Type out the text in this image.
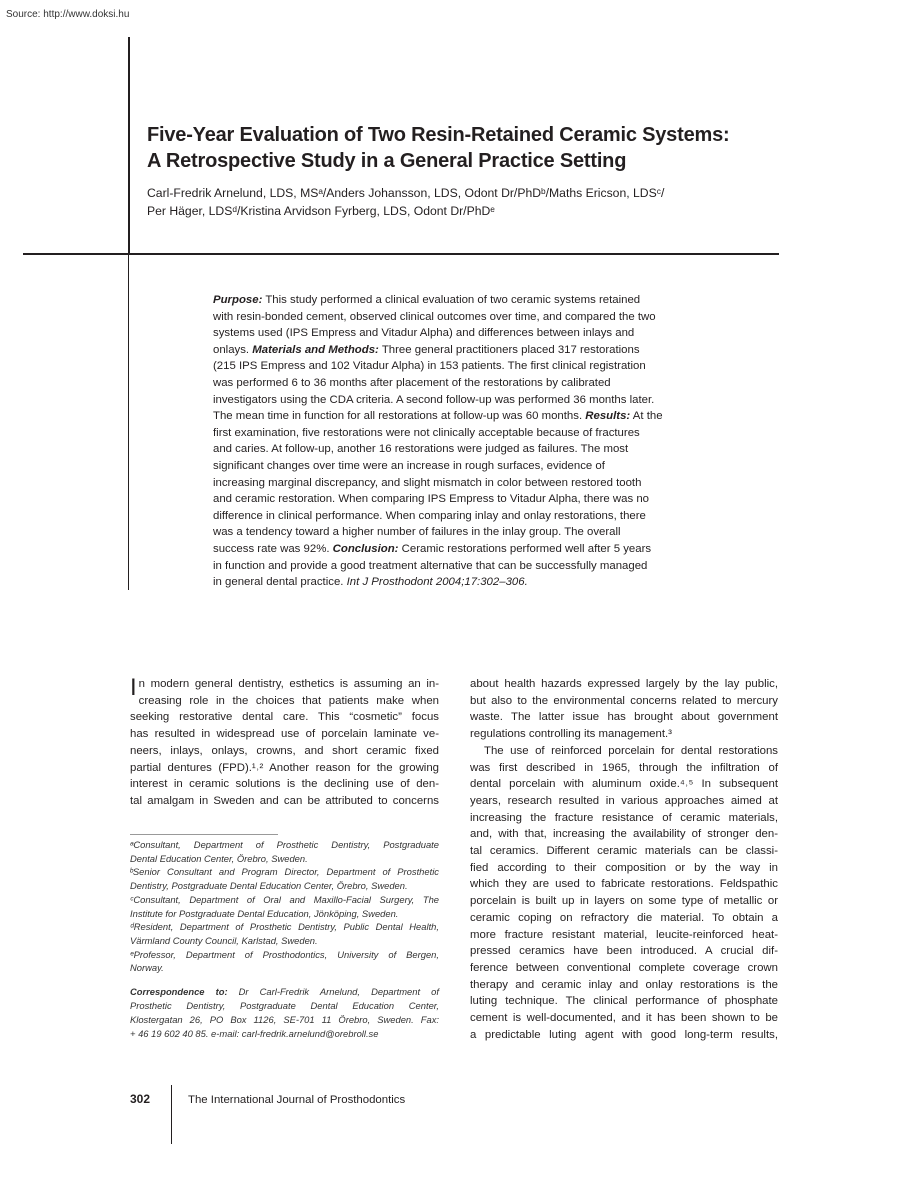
Source: http://www.doksi.hu
Five-Year Evaluation of Two Resin-Retained Ceramic Systems:
A Retrospective Study in a General Practice Setting
Carl-Fredrik Arnelund, LDS, MSᵃ/Anders Johansson, LDS, Odont Dr/PhDᵇ/Maths Ericson, LDSᶜ/
Per Häger, LDSᵈ/Kristina Arvidson Fyrberg, LDS, Odont Dr/PhDᵉ
Purpose: This study performed a clinical evaluation of two ceramic systems retained
with resin-bonded cement, observed clinical outcomes over time, and compared the two
systems used (IPS Empress and Vitadur Alpha) and differences between inlays and
onlays. Materials and Methods: Three general practitioners placed 317 restorations
(215 IPS Empress and 102 Vitadur Alpha) in 153 patients. The first clinical registration
was performed 6 to 36 months after placement of the restorations by calibrated
investigators using the CDA criteria. A second follow-up was performed 36 months later.
The mean time in function for all restorations at follow-up was 60 months. Results: At the
first examination, five restorations were not clinically acceptable because of fractures
and caries. At follow-up, another 16 restorations were judged as failures. The most
significant changes over time were an increase in rough surfaces, evidence of
increasing marginal discrepancy, and slight mismatch in color between restored tooth
and ceramic restoration. When comparing IPS Empress to Vitadur Alpha, there was no
difference in clinical performance. When comparing inlay and onlay restorations, there
was a tendency toward a higher number of failures in the inlay group. The overall
success rate was 92%. Conclusion: Ceramic restorations performed well after 5 years
in function and provide a good treatment alternative that can be successfully managed
in general dental practice. Int J Prosthodont 2004;17:302–306.
I n modern general dentistry, esthetics is assuming an in-
creasing role in the choices that patients make when
seeking restorative dental care. This “cosmetic” focus
has resulted in widespread use of porcelain laminate ve-
neers, inlays, onlays, crowns, and short ceramic fixed
partial dentures (FPD).¹˒² Another reason for the growing
interest in ceramic solutions is the declining use of den-
tal amalgam in Sweden and can be attributed to concerns
ᵃConsultant, Department of Prosthetic Dentistry, Postgraduate
Dental Education Center, Örebro, Sweden.
ᵇSenior Consultant and Program Director, Department of Prosthetic
Dentistry, Postgraduate Dental Education Center, Örebro, Sweden.
ᶜConsultant, Department of Oral and Maxillo-Facial Surgery, The
Institute for Postgraduate Dental Education, Jönköping, Sweden.
ᵈResident, Department of Prosthetic Dentistry, Public Dental Health,
Värmland County Council, Karlstad, Sweden.
ᵉProfessor, Department of Prosthodontics, University of Bergen,
Norway.
Correspondence to: Dr Carl-Fredrik Arnelund, Department of
Prosthetic Dentistry, Postgraduate Dental Education Center,
Klostergatan 26, PO Box 1126, SE-701 11 Örebro, Sweden. Fax:
+ 46 19 602 40 85. e-mail: carl-fredrik.arnelund@orebroll.se
about health hazards expressed largely by the lay public,
but also to the environmental concerns related to mercury
waste. The latter issue has brought about government
regulations controlling its management.³
The use of reinforced porcelain for dental restorations
was first described in 1965, through the infiltration of
dental porcelain with aluminum oxide.⁴˒⁵ In subsequent
years, research resulted in various approaches aimed at
increasing the fracture resistance of ceramic materials,
and, with that, increasing the availability of stronger den-
tal ceramics. Different ceramic materials can be classi-
fied according to their composition or by the way in
which they are used to fabricate restorations. Feldspathic
porcelain is built up in layers on some type of metallic or
ceramic coping on refractory die material. To obtain a
more fracture resistant material, leucite-reinforced heat-
pressed ceramics have been introduced. A crucial dif-
ference between conventional complete coverage crown
therapy and ceramic inlay and onlay restorations is the
luting technique. The clinical performance of phosphate
cement is well-documented, and it has been shown to be
a predictable luting agent with good long-term results,
302	The International Journal of Prosthodontics
